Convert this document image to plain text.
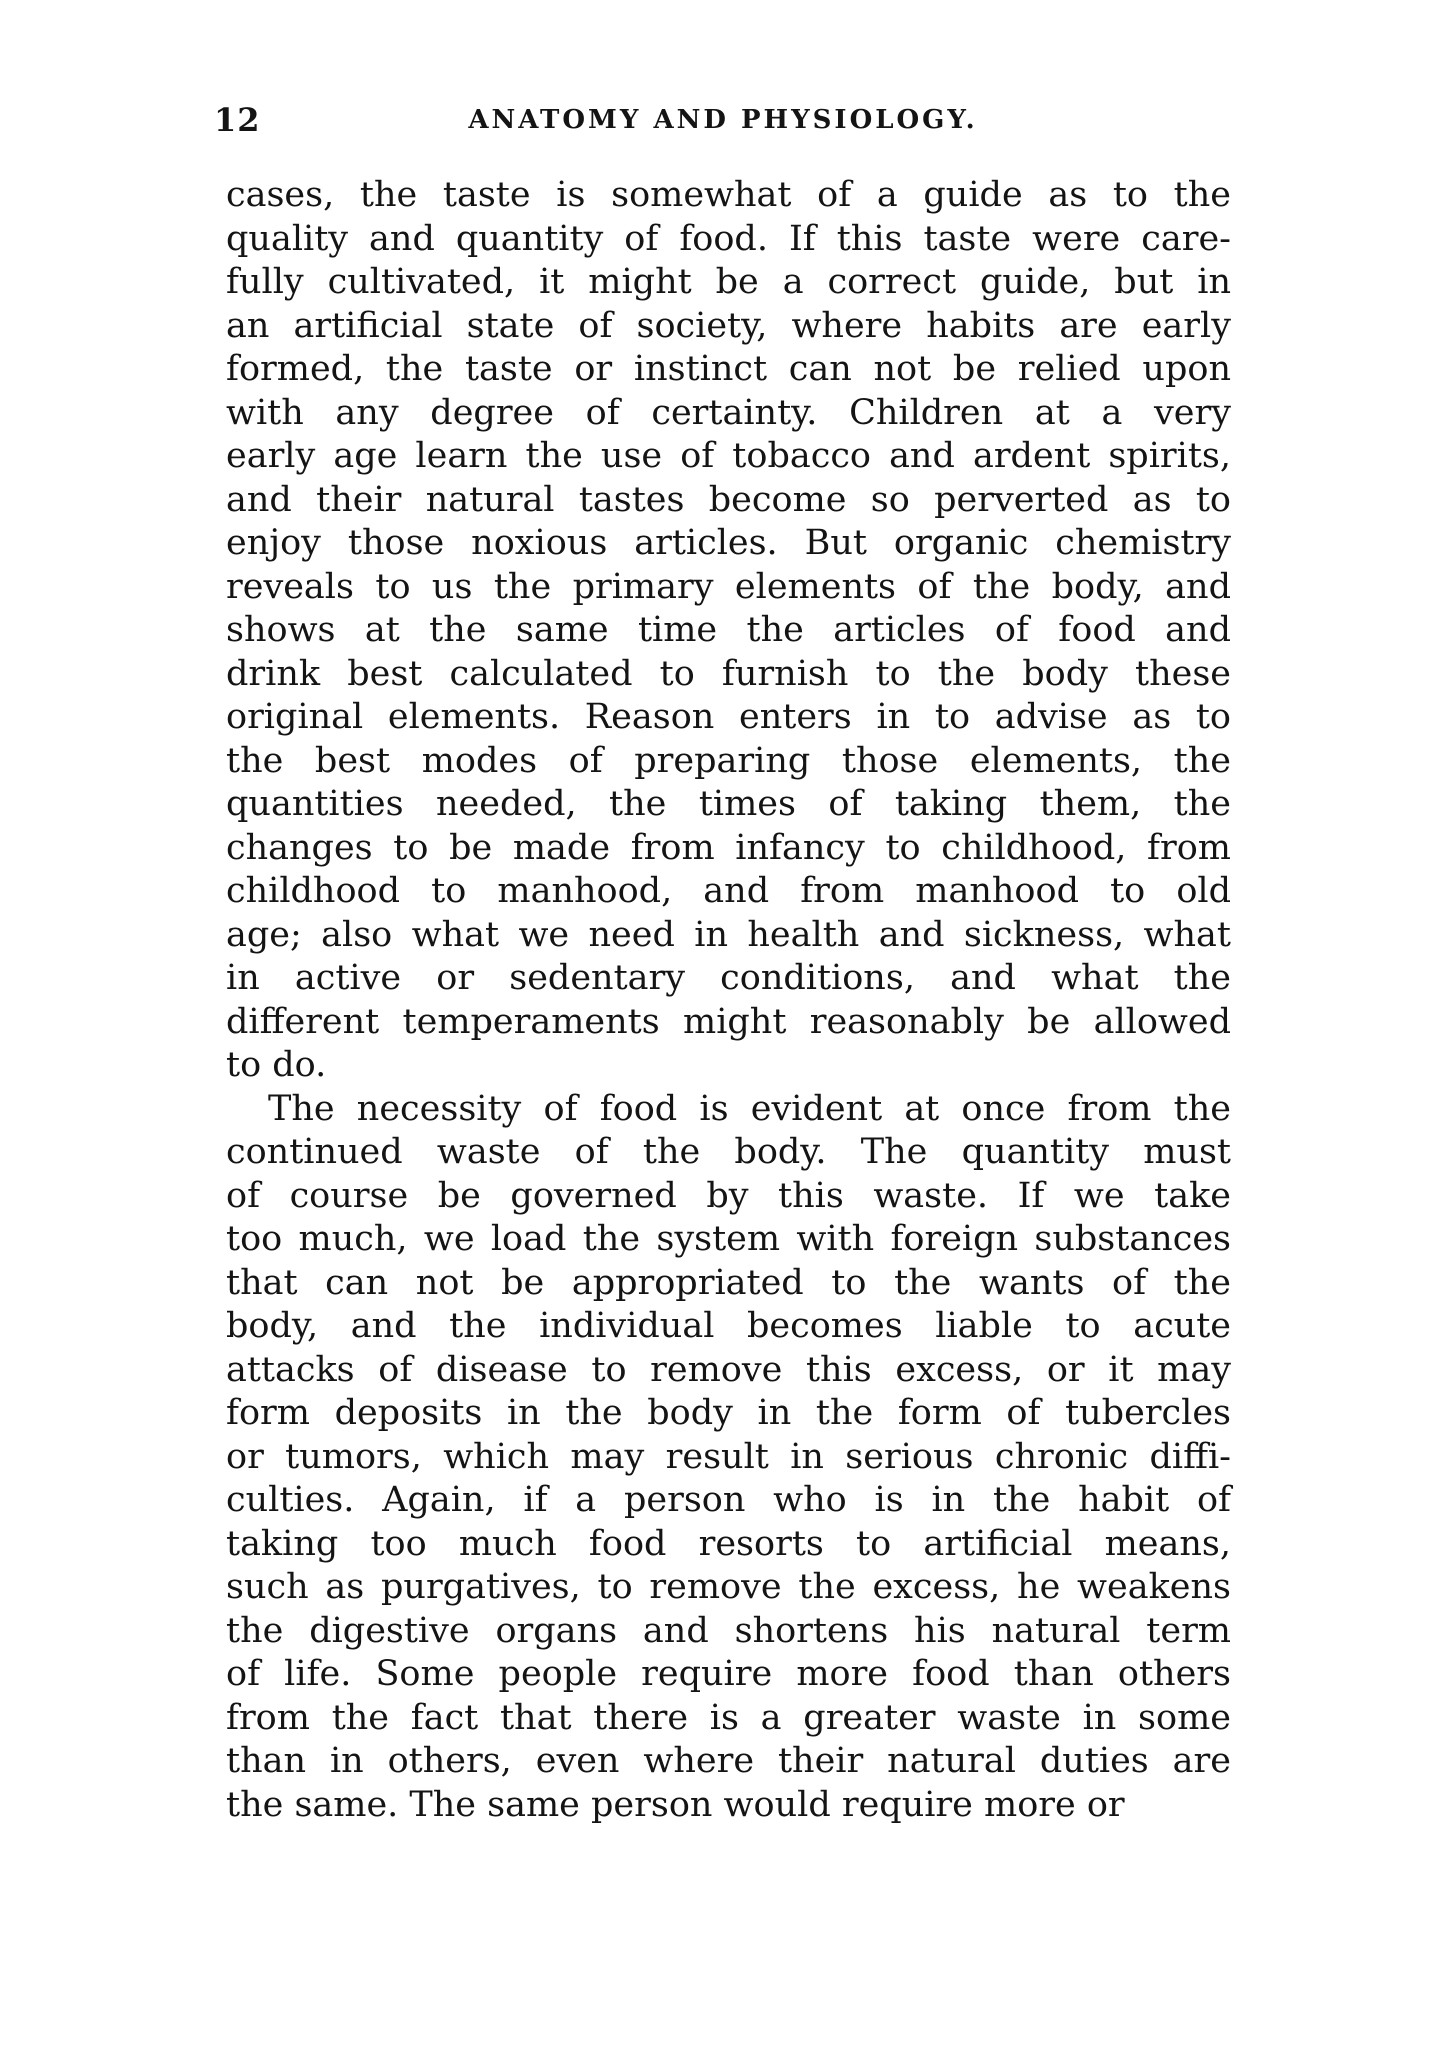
12	ANATOMY AND PHYSIOLOGY.
cases, the taste is somewhat of a guide as to the
quality and quantity of food. If this taste were care-
fully cultivated, it might be a correct guide, but in
an artificial state of society, where habits are early
formed, the taste or instinct can not be relied upon
with any degree of certainty. Children at a very
early age learn the use of tobacco and ardent spirits,
and their natural tastes become so perverted as to
enjoy those noxious articles. But organic chemistry
reveals to us the primary elements of the body, and
shows at the same time the articles of food and
drink best calculated to furnish to the body these
original elements. Reason enters in to advise as to
the best modes of preparing those elements, the
quantities needed, the times of taking them, the
changes to be made from infancy to childhood, from
childhood to manhood, and from manhood to old
age; also what we need in health and sickness, what
in active or sedentary conditions, and what the
different temperaments might reasonably be allowed
to do.
The necessity of food is evident at once from the
continued waste of the body. The quantity must
of course be governed by this waste. If we take
too much, we load the system with foreign substances
that can not be appropriated to the wants of the
body, and the individual becomes liable to acute
attacks of disease to remove this excess, or it may
form deposits in the body in the form of tubercles
or tumors, which may result in serious chronic diffi-
culties. Again, if a person who is in the habit of
taking too much food resorts to artificial means,
such as purgatives, to remove the excess, he weakens
the digestive organs and shortens his natural term
of life. Some people require more food than others
from the fact that there is a greater waste in some
than in others, even where their natural duties are
the same. The same person would require more or
